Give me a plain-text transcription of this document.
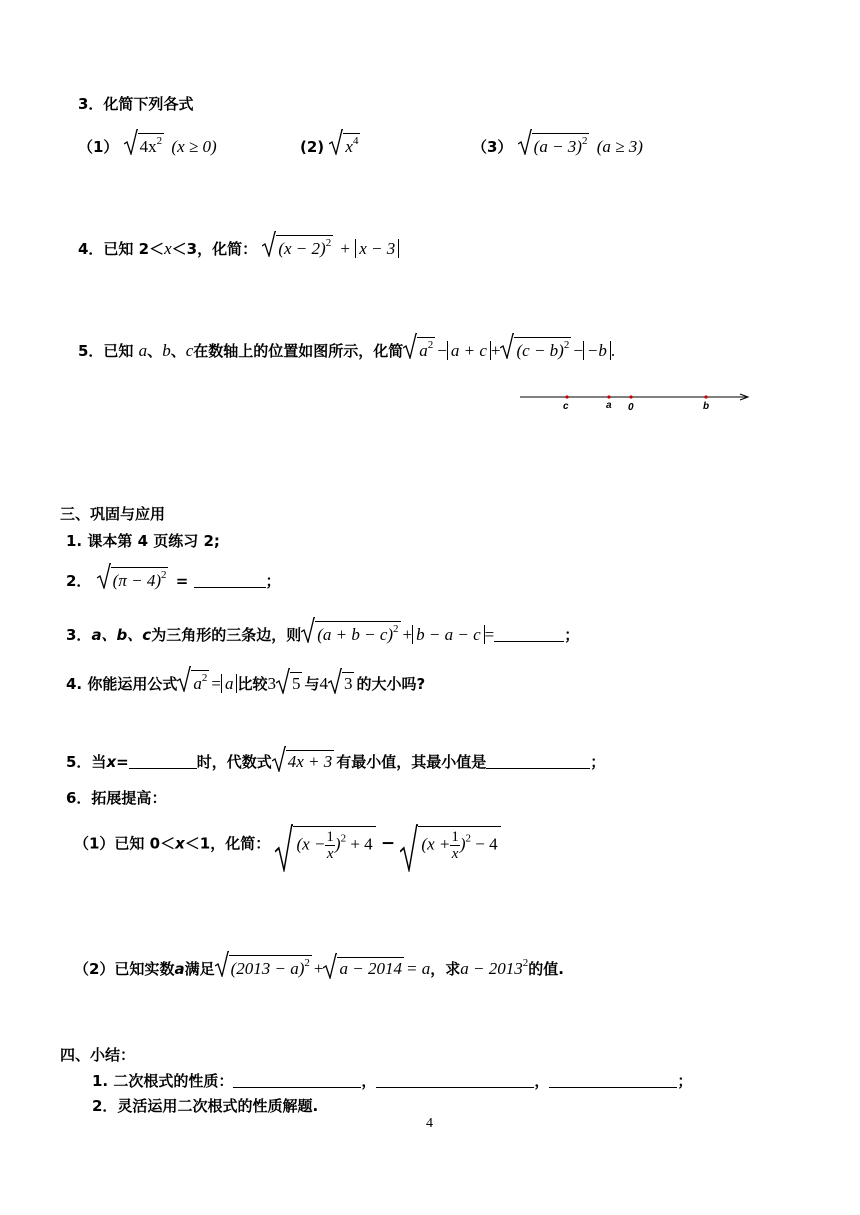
3．化简下列各式
（1） $4x^2$ (x ≥ 0)	(2) $x^4$	（3） $(a - 3)^2$ (a ≥ 3)
4．已知 2＜x＜3，化简： $(x - 2)^2 + x - 3$
5．已知 a、b、c在数轴上的位置如图所示，化简 $a^2 - a + c + (c - b)^2 - -b$ .
c	a 0	b
三、巩固与应用
1. 课本第 4 页练习 2;
2． $(\pi - 4)^2$ =	；
3．a、b、c为三角形的三条边，则 $(a + b - c)^2 + b - a - c$ =	；
4. 你能运用公式 $a^2 = a$ 比较3 5 与4 3 的大小吗?
5．当x=	时，代数式 4x + 3 有最小值，其最小值是	；
6．拓展提高：
（1）已知 0＜x＜1，化简： $(x - \frac{1}{x} )^2 + 4 - (x + \frac{1}{x} )^2 - 4$
（2）已知实数a满足 $(2013 - a)^2 + a - 2014 = a$，求$a - 2013^2$的值.
四、小结：
1. 二次根式的性质：	，	，	；
2．灵活运用二次根式的性质解题.
4
